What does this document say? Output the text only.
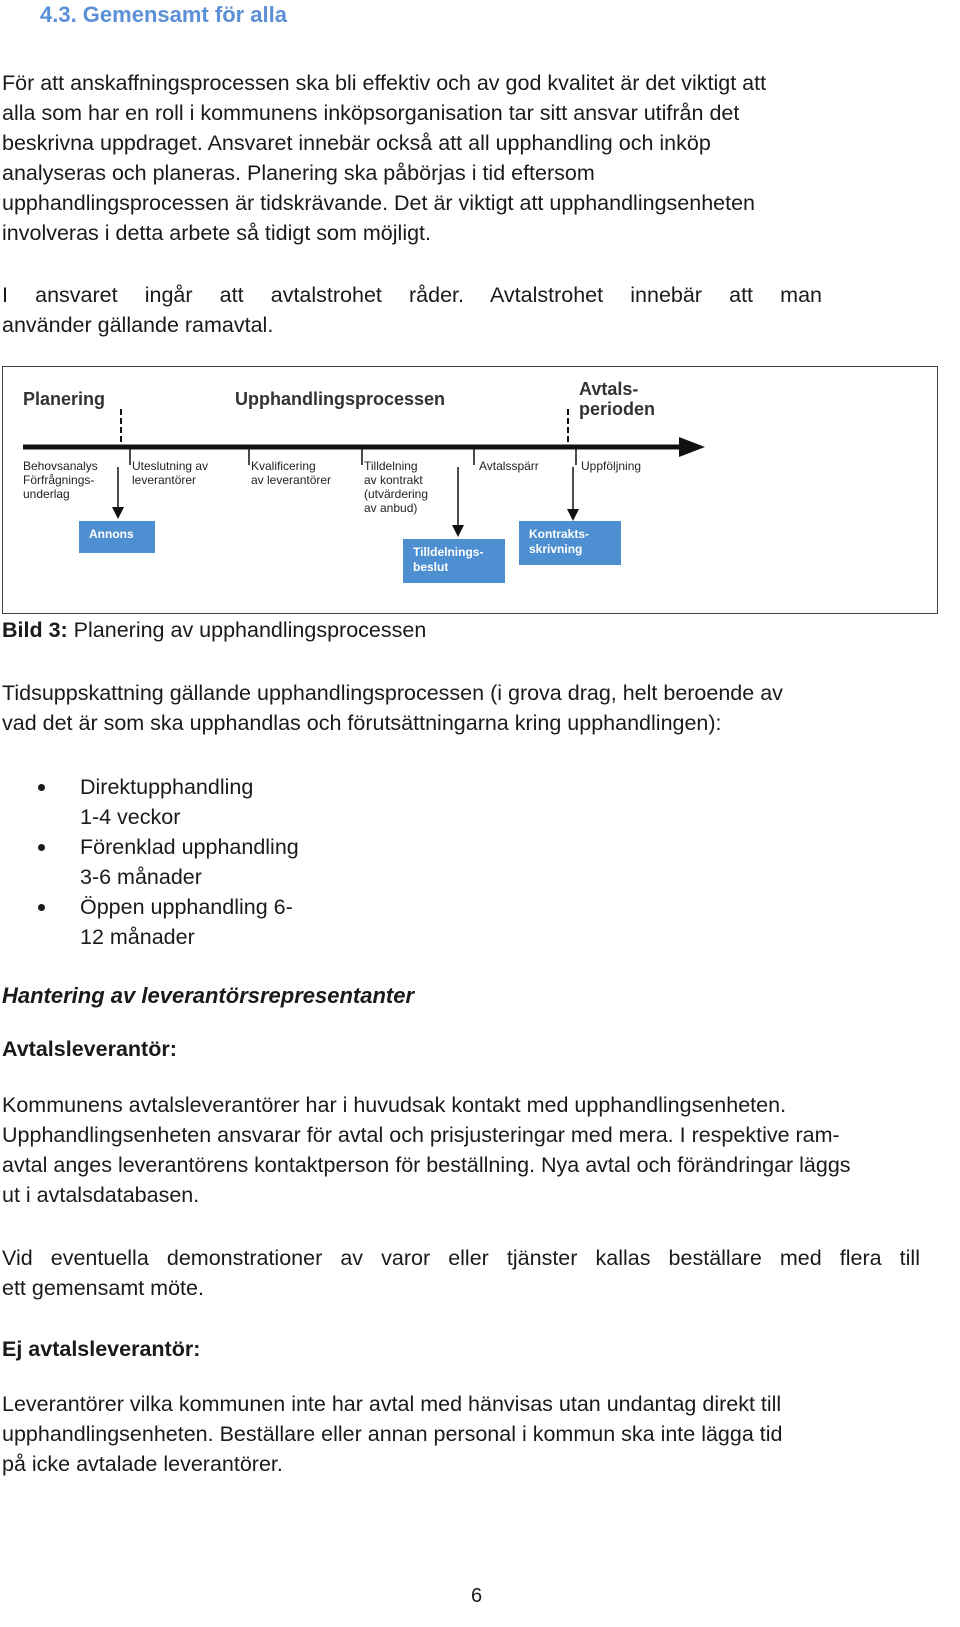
4.3. Gemensamt för alla
För att anskaffningsprocessen ska bli effektiv och av god kvalitet är det viktigt att
alla som har en roll i kommunens inköpsorganisation tar sitt ansvar utifrån det
beskrivna uppdraget. Ansvaret innebär också att all upphandling och inköp
analyseras och planeras. Planering ska påbörjas i tid eftersom
upphandlingsprocessen är tidskrävande. Det är viktigt att upphandlingsenheten
involveras i detta arbete så tidigt som möjligt.
I ansvaret ingår att avtalstrohet råder. Avtalstrohet innebär att man
använder gällande ramavtal.
Planering	Upphandlingsprocessen	Avtals-
perioden
Behovsanalys
Förfrågnings-
underlag
Uteslutning av
leverantörer
Kvalificering
av leverantörer
Tilldelning
av kontrakt
(utvärdering
av anbud)
Avtalsspärr	Uppföljning
Annons
Tilldelnings-
beslut
Kontrakts-
skrivning
Bild 3: Planering av upphandlingsprocessen
Tidsuppskattning gällande upphandlingsprocessen (i grova drag, helt beroende av
vad det är som ska upphandlas och förutsättningarna kring upphandlingen):
Direktupphandling
1-4 veckor
Förenklad upphandling
3-6 månader
Öppen upphandling 6-
12 månader
Hantering av leverantörsrepresentanter
Avtalsleverantör:
Kommunens avtalsleverantörer har i huvudsak kontakt med upphandlingsenheten.
Upphandlingsenheten ansvarar för avtal och prisjusteringar med mera. I respektive ram-
avtal anges leverantörens kontaktperson för beställning. Nya avtal och förändringar läggs
ut i avtalsdatabasen.
Vid eventuella demonstrationer av varor eller tjänster kallas beställare med flera till
ett gemensamt möte.
Ej avtalsleverantör:
Leverantörer vilka kommunen inte har avtal med hänvisas utan undantag direkt till
upphandlingsenheten. Beställare eller annan personal i kommun ska inte lägga tid
på icke avtalade leverantörer.
6
